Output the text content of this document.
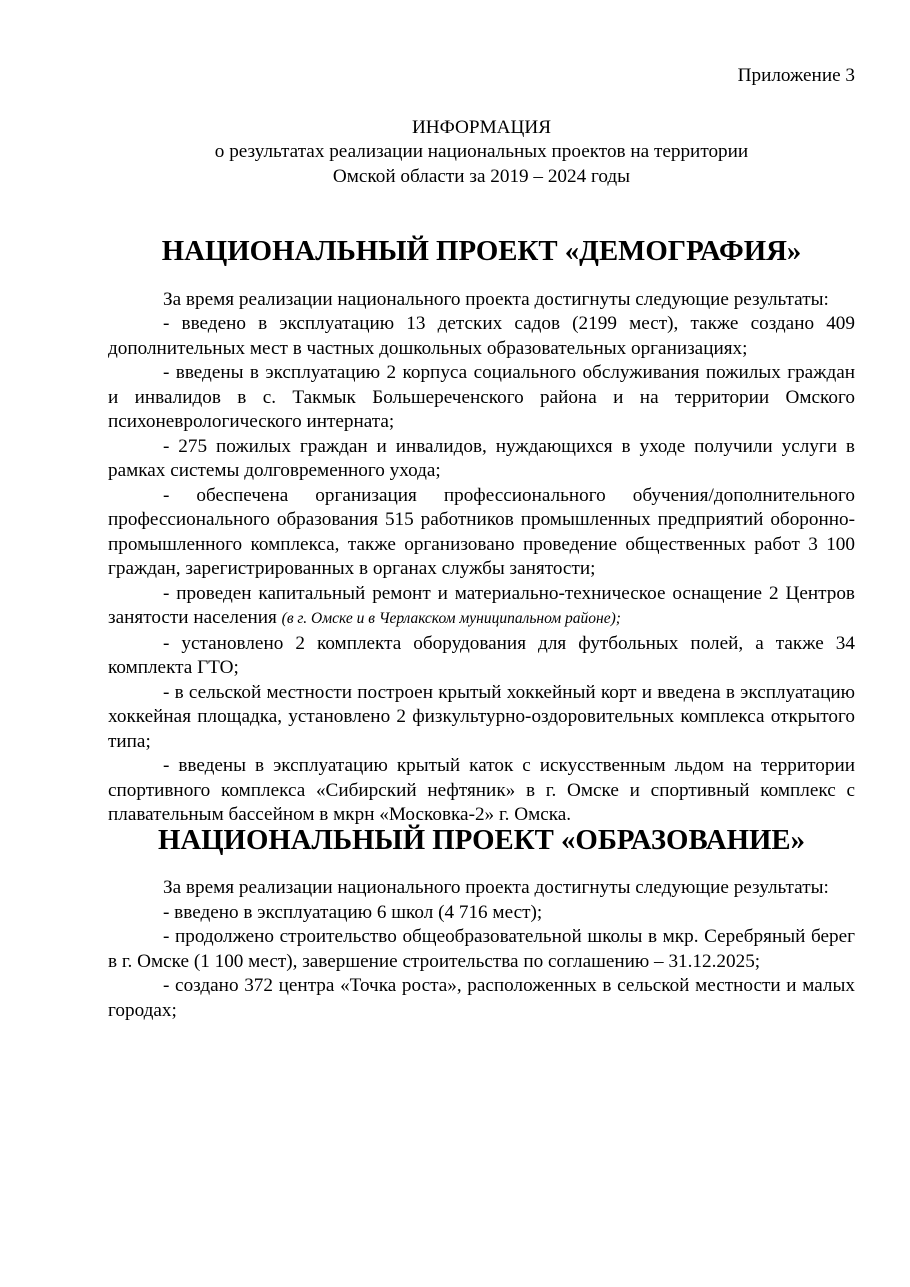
Приложение 3

ИНФОРМАЦИЯ
о результатах реализации национальных проектов на территории
Омской области за 2019 – 2024 годы
НАЦИОНАЛЬНЫЙ ПРОЕКТ «ДЕМОГРАФИЯ»

За время реализации национального проекта достигнуты следующие результаты:

- введено в эксплуатацию 13 детских садов (2199 мест), также создано 409 дополнительных мест в частных дошкольных образовательных организациях;
- введены в эксплуатацию 2 корпуса социального обслуживания пожилых граждан и инвалидов в с. Такмык Большереченского района и на территории Омского психоневрологического интерната;
- 275 пожилых граждан и инвалидов, нуждающихся в уходе получили услуги в рамках системы долговременного ухода;
- обеспечена организация профессионального обучения/дополнительного профессионального образования 515 работников промышленных предприятий оборонно-промышленного комплекса, также организовано проведение общественных работ 3 100 граждан, зарегистрированных в органах службы занятости;
- проведен капитальный ремонт и материально-техническое оснащение 2 Центров занятости населения (в г. Омске и в Черлакском муниципальном районе);
- установлено 2 комплекта оборудования для футбольных полей, а также 34 комплекта ГТО;
- в сельской местности построен крытый хоккейный корт и введена в эксплуатацию хоккейная площадка, установлено 2 физкультурно-оздоровительных комплекса открытого типа;
- введены в эксплуатацию крытый каток с искусственным льдом на территории спортивного комплекса «Сибирский нефтяник» в г. Омске и спортивный комплекс с плавательным бассейном в мкрн «Московка-2» г. Омска.
НАЦИОНАЛЬНЫЙ ПРОЕКТ «ОБРАЗОВАНИЕ»

За время реализации национального проекта достигнуты следующие результаты:

- введено в эксплуатацию 6 школ (4 716 мест);
- продолжено строительство общеобразовательной школы в мкр. Серебряный берег в г. Омске (1 100 мест), завершение строительства по соглашению – 31.12.2025;
- создано 372 центра «Точка роста», расположенных в сельской местности и малых городах;
